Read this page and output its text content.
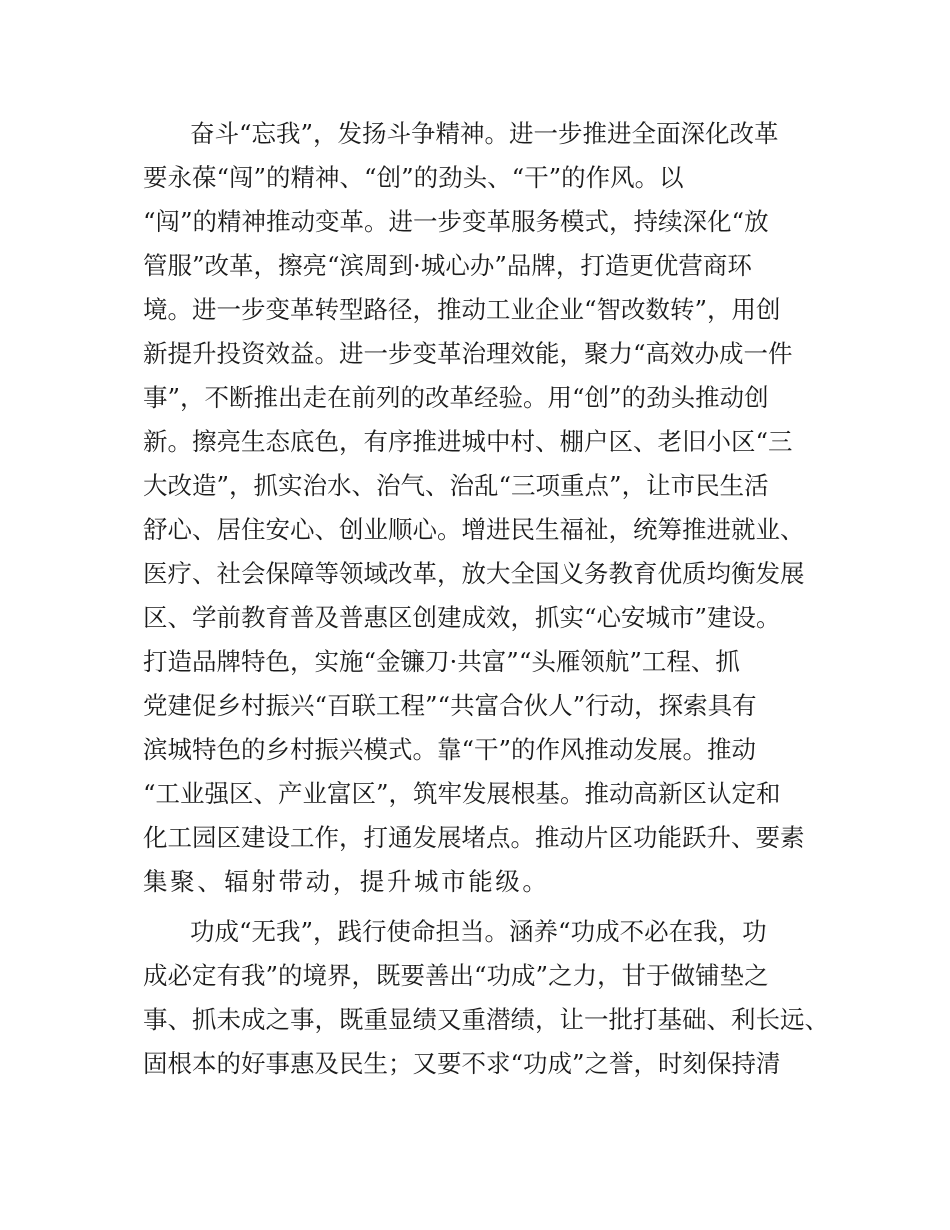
奋斗“忘我”，发扬斗争精神。进一步推进全面深化改革
要永葆“闯”的精神、“创”的劲头、“干”的作风。以
“闯”的精神推动变革。进一步变革服务模式，持续深化“放
管服”改革，擦亮“滨周到·城心办”品牌，打造更优营商环
境。进一步变革转型路径，推动工业企业“智改数转”，用创
新提升投资效益。进一步变革治理效能，聚力“高效办成一件
事”，不断推出走在前列的改革经验。用“创”的劲头推动创
新。擦亮生态底色，有序推进城中村、棚户区、老旧小区“三
大改造”，抓实治水、治气、治乱“三项重点”，让市民生活
舒心、居住安心、创业顺心。增进民生福祉，统筹推进就业、
医疗、社会保障等领域改革，放大全国义务教育优质均衡发展
区、学前教育普及普惠区创建成效，抓实“心安城市”建设。
打造品牌特色，实施“金镰刀·共富”“头雁领航”工程、抓
党建促乡村振兴“百联工程”“共富合伙人”行动，探索具有
滨城特色的乡村振兴模式。靠“干”的作风推动发展。推动
“工业强区、产业富区”，筑牢发展根基。推动高新区认定和
化工园区建设工作，打通发展堵点。推动片区功能跃升、要素
集聚、辐射带动，提升城市能级。
功成“无我”，践行使命担当。涵养“功成不必在我，功
成必定有我”的境界，既要善出“功成”之力，甘于做铺垫之
事、抓未成之事，既重显绩又重潜绩，让一批打基础、利长远、
固根本的好事惠及民生；又要不求“功成”之誉，时刻保持清
